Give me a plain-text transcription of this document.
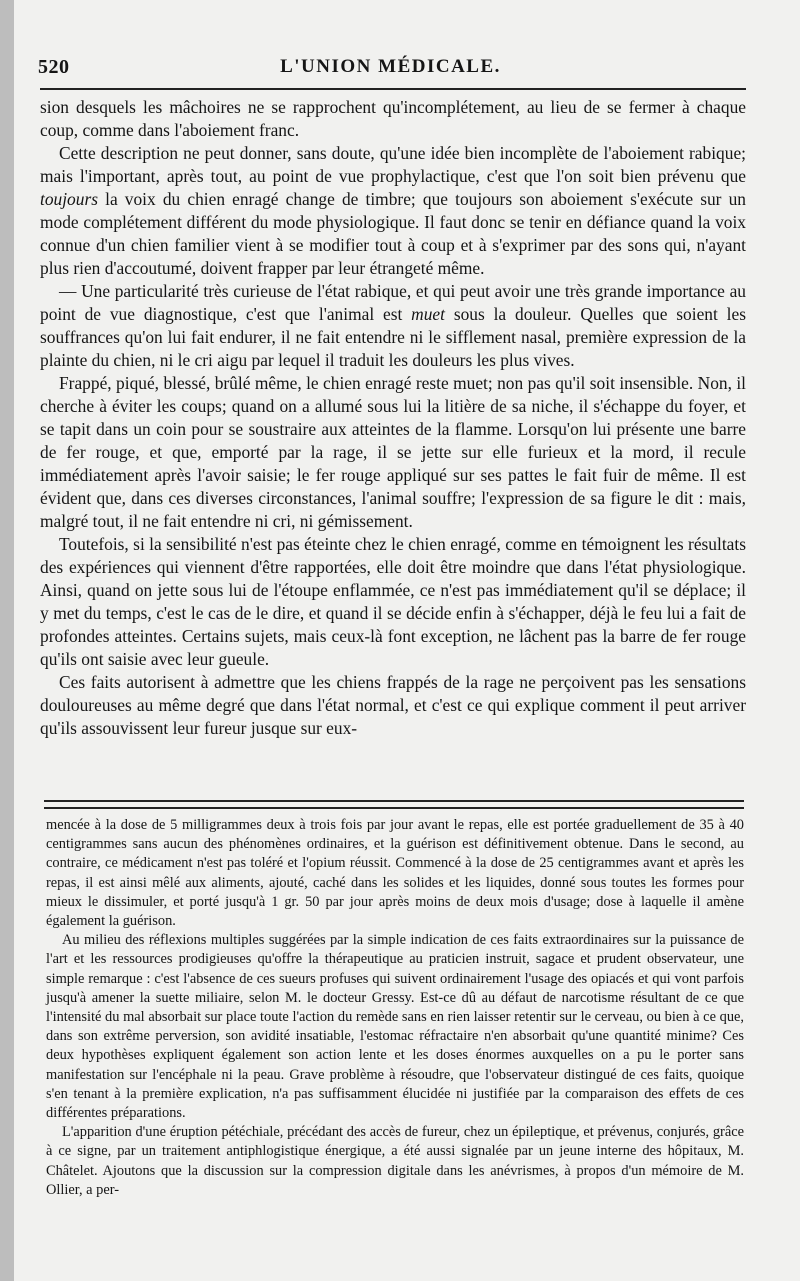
520	L'UNION MÉDICALE.

sion desquels les mâchoires ne se rapprochent qu'incomplétement, au lieu de se fermer à chaque coup, comme dans l'aboiement franc.

Cette description ne peut donner, sans doute, qu'une idée bien incomplète de l'aboiement rabique; mais l'important, après tout, au point de vue prophylactique, c'est que l'on soit bien prévenu que toujours la voix du chien enragé change de timbre; que toujours son aboiement s'exécute sur un mode complétement différent du mode physiologique. Il faut donc se tenir en défiance quand la voix connue d'un chien familier vient à se modifier tout à coup et à s'exprimer par des sons qui, n'ayant plus rien d'accoutumé, doivent frapper par leur étrangeté même.

— Une particularité très curieuse de l'état rabique, et qui peut avoir une très grande importance au point de vue diagnostique, c'est que l'animal est muet sous la douleur. Quelles que soient les souffrances qu'on lui fait endurer, il ne fait entendre ni le sifflement nasal, première expression de la plainte du chien, ni le cri aigu par lequel il traduit les douleurs les plus vives.

Frappé, piqué, blessé, brûlé même, le chien enragé reste muet; non pas qu'il soit insensible. Non, il cherche à éviter les coups; quand on a allumé sous lui la litière de sa niche, il s'échappe du foyer, et se tapit dans un coin pour se soustraire aux atteintes de la flamme. Lorsqu'on lui présente une barre de fer rouge, et que, emporté par la rage, il se jette sur elle furieux et la mord, il recule immédiatement après l'avoir saisie; le fer rouge appliqué sur ses pattes le fait fuir de même. Il est évident que, dans ces diverses circonstances, l'animal souffre; l'expression de sa figure le dit : mais, malgré tout, il ne fait entendre ni cri, ni gémissement.

Toutefois, si la sensibilité n'est pas éteinte chez le chien enragé, comme en témoignent les résultats des expériences qui viennent d'être rapportées, elle doit être moindre que dans l'état physiologique. Ainsi, quand on jette sous lui de l'étoupe enflammée, ce n'est pas immédiatement qu'il se déplace; il y met du temps, c'est le cas de le dire, et quand il se décide enfin à s'échapper, déjà le feu lui a fait de profondes atteintes. Certains sujets, mais ceux-là font exception, ne lâchent pas la barre de fer rouge qu'ils ont saisie avec leur gueule.

Ces faits autorisent à admettre que les chiens frappés de la rage ne perçoivent pas les sensations douloureuses au même degré que dans l'état normal, et c'est ce qui explique comment il peut arriver qu'ils assouvissent leur fureur jusque sur eux-

mencée à la dose de 5 milligrammes deux à trois fois par jour avant le repas, elle est portée graduellement de 35 à 40 centigrammes sans aucun des phénomènes ordinaires, et la guérison est définitivement obtenue. Dans le second, au contraire, ce médicament n'est pas toléré et l'opium réussit. Commencé à la dose de 25 centigrammes avant et après les repas, il est ainsi mêlé aux aliments, ajouté, caché dans les solides et les liquides, donné sous toutes les formes pour mieux le dissimuler, et porté jusqu'à 1 gr. 50 par jour après moins de deux mois d'usage; dose à laquelle il amène également la guérison.

Au milieu des réflexions multiples suggérées par la simple indication de ces faits extraordinaires sur la puissance de l'art et les ressources prodigieuses qu'offre la thérapeutique au praticien instruit, sagace et prudent observateur, une simple remarque : c'est l'absence de ces sueurs profuses qui suivent ordinairement l'usage des opiacés et qui vont parfois jusqu'à amener la suette miliaire, selon M. le docteur Gressy. Est-ce dû au défaut de narcotisme résultant de ce que l'intensité du mal absorbait sur place toute l'action du remède sans en rien laisser retentir sur le cerveau, ou bien à ce que, dans son extrême perversion, son avidité insatiable, l'estomac réfractaire n'en absorbait qu'une quantité minime? Ces deux hypothèses expliquent également son action lente et les doses énormes auxquelles on a pu le porter sans manifestation sur l'encéphale ni la peau. Grave problème à résoudre, que l'observateur distingué de ces faits, quoique s'en tenant à la première explication, n'a pas suffisamment élucidée ni justifiée par la comparaison des effets de ces différentes préparations.

L'apparition d'une éruption pétéchiale, précédant des accès de fureur, chez un épileptique, et prévenus, conjurés, grâce à ce signe, par un traitement antiphlogistique énergique, a été aussi signalée par un jeune interne des hôpitaux, M. Châtelet. Ajoutons que la discussion sur la compression digitale dans les anévrismes, à propos d'un mémoire de M. Ollier, a per-
